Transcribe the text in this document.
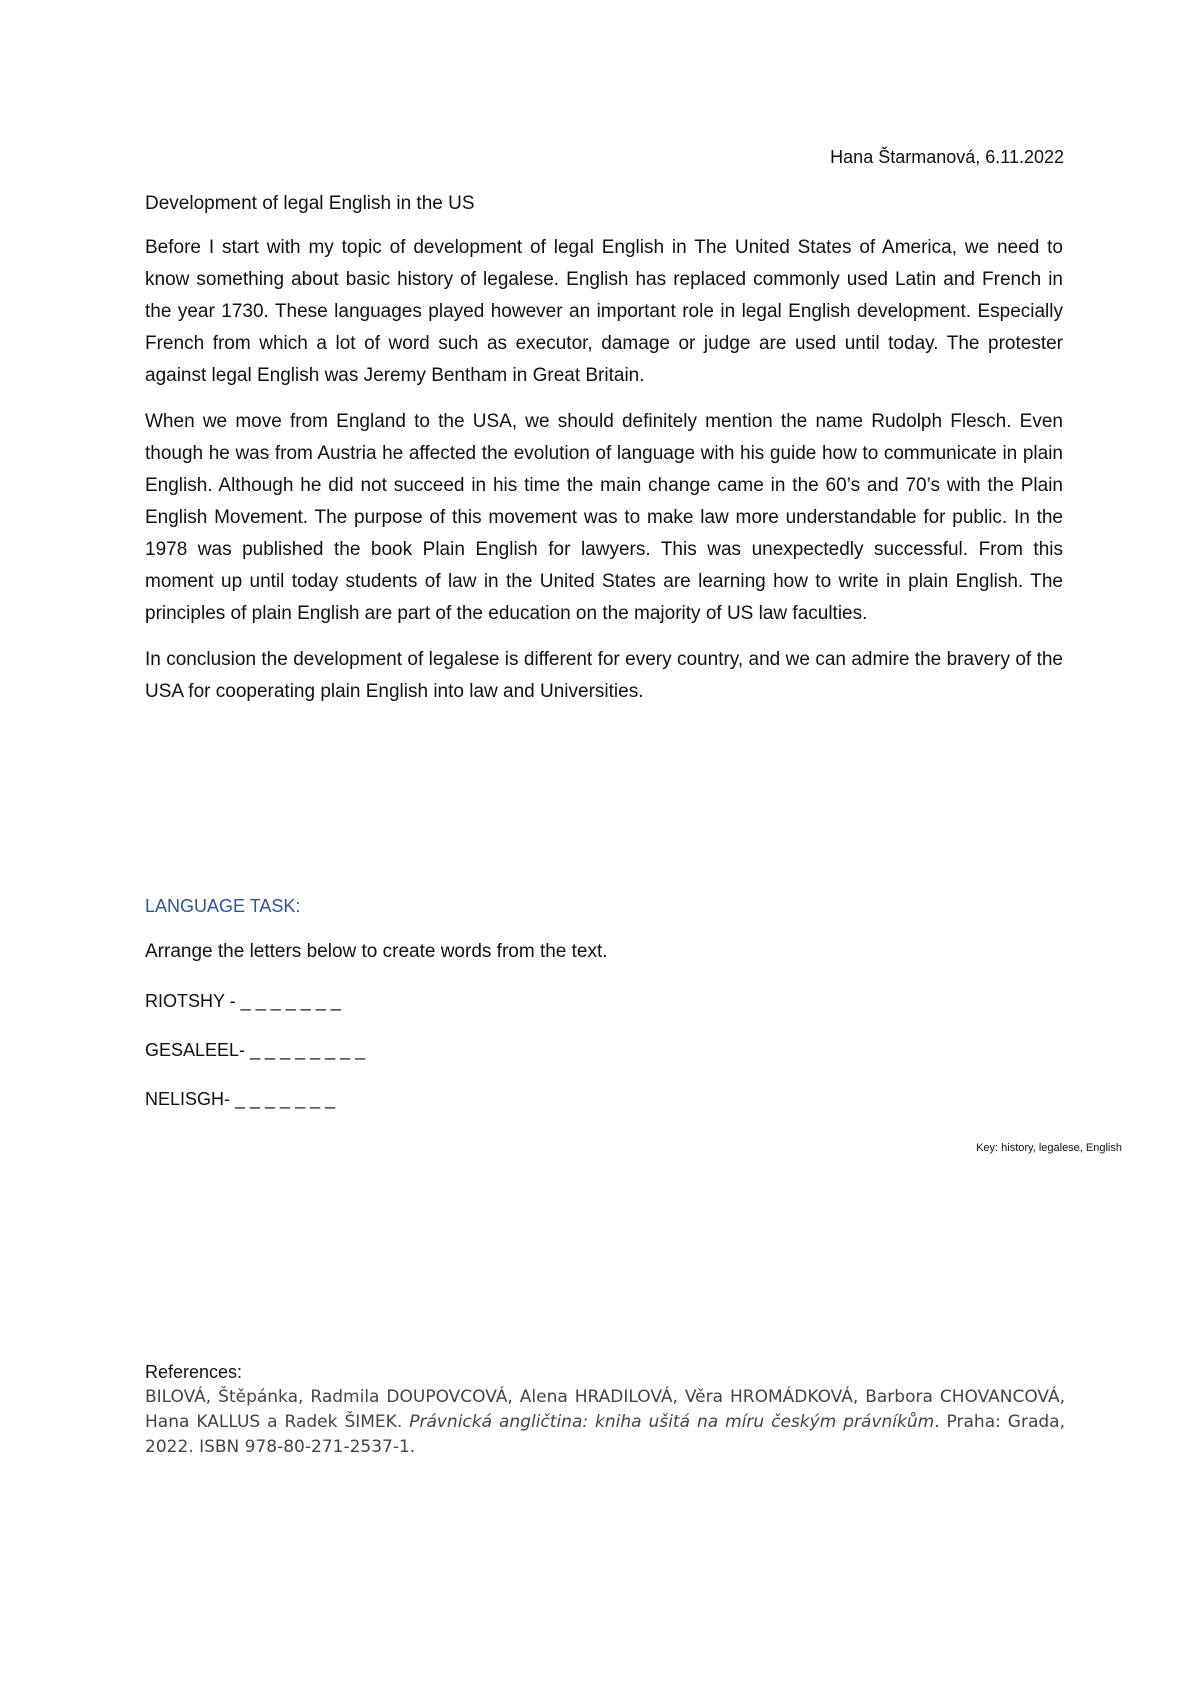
Hana Štarmanová, 6.11.2022

Development of legal English in the US

Before I start with my topic of development of legal English in The United States of America, we need to know something about basic history of legalese. English has replaced commonly used Latin and French in the year 1730. These languages played however an important role in legal English development. Especially French from which a lot of word such as executor, damage or judge are used until today. The protester against legal English was Jeremy Bentham in Great Britain.

When we move from England to the USA, we should definitely mention the name Rudolph Flesch. Even though he was from Austria he affected the evolution of language with his guide how to communicate in plain English. Although he did not succeed in his time the main change came in the 60’s and 70’s with the Plain English Movement. The purpose of this movement was to make law more understandable for public. In the 1978 was published the book Plain English for lawyers. This was unexpectedly successful. From this moment up until today students of law in the United States are learning how to write in plain English. The principles of plain English are part of the education on the majority of US law faculties.

In conclusion the development of legalese is different for every country, and we can admire the bravery of the USA for cooperating plain English into law and Universities.

LANGUAGE TASK:

Arrange the letters below to create words from the text.

RIOTSHY - _ _ _ _ _ _ _

GESALEEL- _ _ _ _ _ _ _ _

NELISGH- _ _ _ _ _ _ _

Key: history, legalese, English
References:
BILOVÁ, Štěpánka, Radmila DOUPOVCOVÁ, Alena HRADILOVÁ, Věra HROMÁDKOVÁ, Barbora CHOVANCOVÁ, Hana KALLUS a Radek ŠIMEK. Právnická angličtina: kniha ušitá na míru českým právníkům. Praha: Grada, 2022. ISBN 978-80-271-2537-1.
